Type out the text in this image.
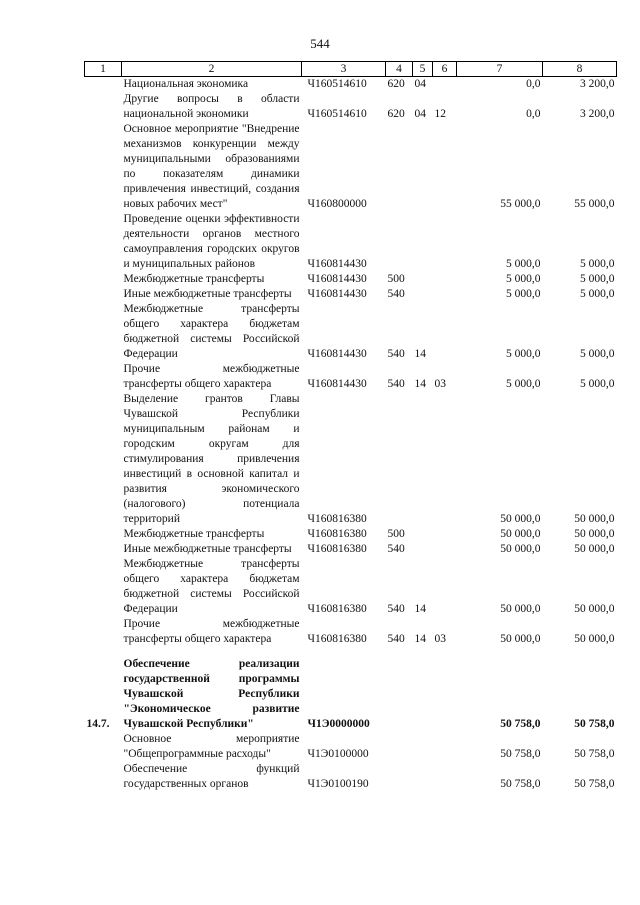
544
1	2	3	4	5	6	7	8
	Национальная экономика	Ч160514610	620	04		0,0	3 200,0
	Другие вопросы в области национальной экономики	Ч160514610	620	04	12	0,0	3 200,0
	Основное мероприятие "Внедрение механизмов конкуренции между муниципальными образованиями по показателям динамики привлечения инвестиций, создания новых рабочих мест"	Ч160800000				55 000,0	55 000,0
	Проведение оценки эффективности деятельности органов местного самоуправления городских округов и муниципальных районов	Ч160814430				5 000,0	5 000,0
	Межбюджетные трансферты	Ч160814430	500			5 000,0	5 000,0
	Иные межбюджетные трансферты	Ч160814430	540			5 000,0	5 000,0
	Межбюджетные трансферты общего характера бюджетам бюджетной системы Российской Федерации	Ч160814430	540	14		5 000,0	5 000,0
	Прочие межбюджетные трансферты общего характера	Ч160814430	540	14	03	5 000,0	5 000,0
	Выделение грантов Главы Чувашской Республики муниципальным районам и городским округам для стимулирования привлечения инвестиций в основной капитал и развития экономического (налогового) потенциала территорий	Ч160816380				50 000,0	50 000,0
	Межбюджетные трансферты	Ч160816380	500			50 000,0	50 000,0
	Иные межбюджетные трансферты	Ч160816380	540			50 000,0	50 000,0
	Межбюджетные трансферты общего характера бюджетам бюджетной системы Российской Федерации	Ч160816380	540	14		50 000,0	50 000,0
	Прочие межбюджетные трансферты общего характера	Ч160816380	540	14	03	50 000,0	50 000,0

14.7.	Обеспечение реализации государственной программы Чувашской Республики "Экономическое развитие Чувашской Республики"	Ч1Э0000000				50 758,0	50 758,0
	Основное мероприятие "Общепрограммные расходы"	Ч1Э0100000				50 758,0	50 758,0
	Обеспечение функций государственных органов	Ч1Э0100190				50 758,0	50 758,0
